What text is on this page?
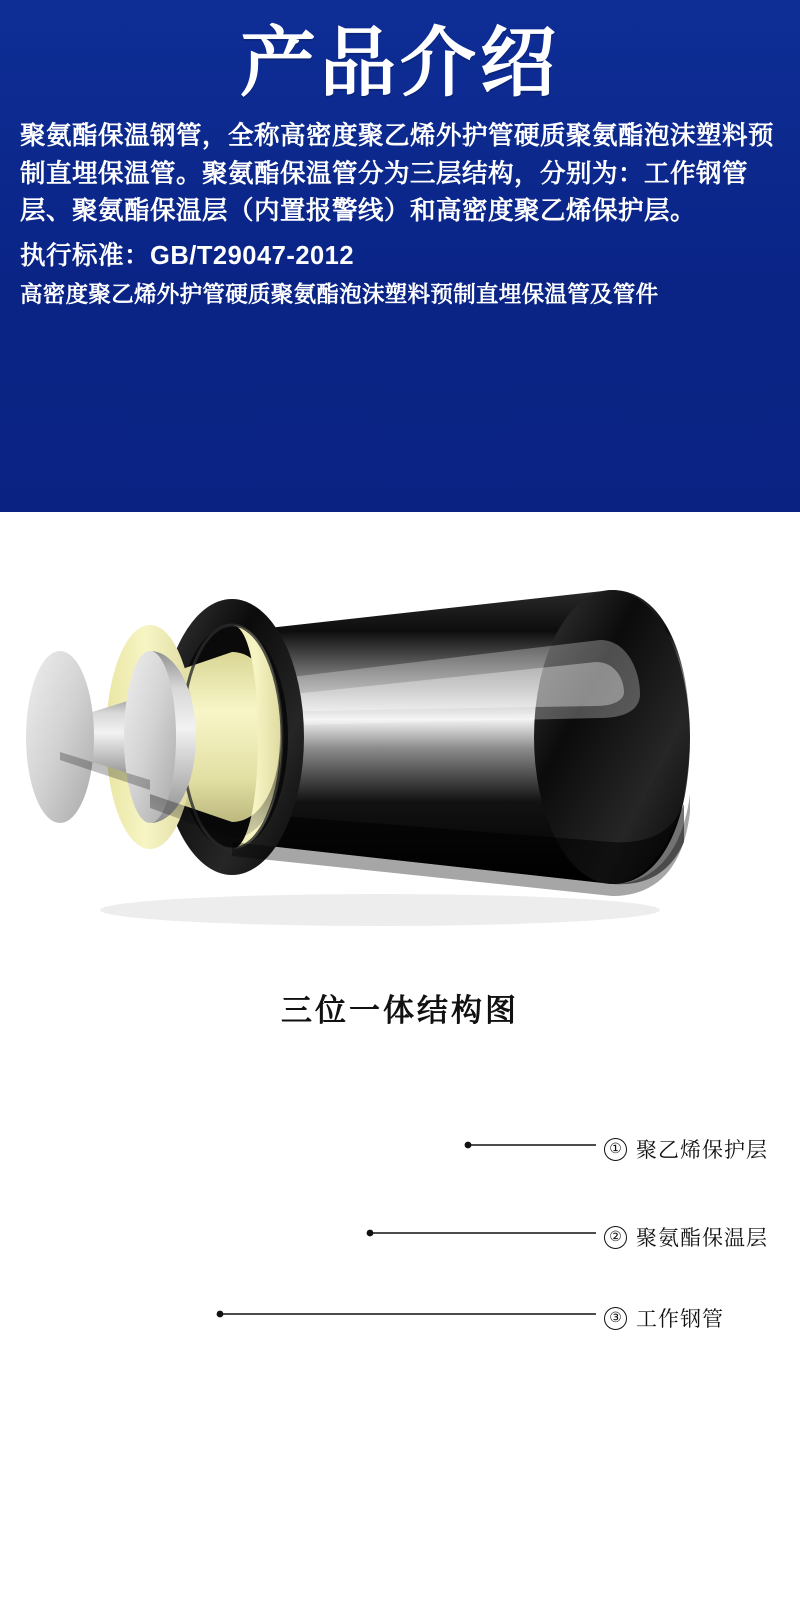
产品介绍
聚氨酯保温钢管，全称高密度聚乙烯外护管硬质聚氨酯泡沫塑料预制直埋保温管。聚氨酯保温管分为三层结构，分别为：工作钢管层、聚氨酯保温层（内置报警线）和高密度聚乙烯保护层。
执行标准：GB/T29047-2012
高密度聚乙烯外护管硬质聚氨酯泡沫塑料预制直埋保温管及管件
① 聚乙烯保护层
② 聚氨酯保温层
③ 工作钢管
三位一体结构图
